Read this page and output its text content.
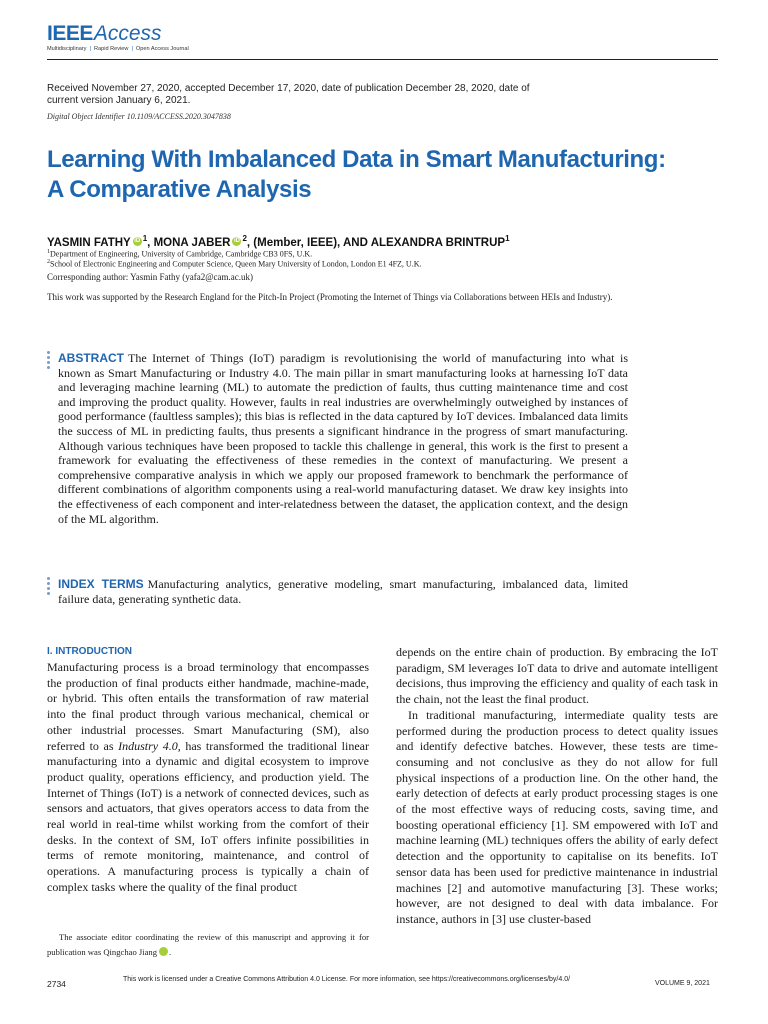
IEEEAccess
Multidisciplinary | Rapid Review | Open Access Journal
Received November 27, 2020, accepted December 17, 2020, date of publication December 28, 2020, date of current version January 6, 2021.
Digital Object Identifier 10.1109/ACCESS.2020.3047838
Learning With Imbalanced Data in Smart Manufacturing: A Comparative Analysis
YASMIN FATHY iD $^1$, MONA JABER iD $^2$, (Member, IEEE), AND ALEXANDRA BRINTRUP$^1$
$^1$Department of Engineering, University of Cambridge, Cambridge CB3 0FS, U.K.
$^2$School of Electronic Engineering and Computer Science, Queen Mary University of London, London E1 4FZ, U.K.
Corresponding author: Yasmin Fathy (yafa2@cam.ac.uk)
This work was supported by the Research England for the Pitch-In Project (Promoting the Internet of Things via Collaborations between HEIs and Industry).
ABSTRACT The Internet of Things (IoT) paradigm is revolutionising the world of manufacturing into what is known as Smart Manufacturing or Industry 4.0. The main pillar in smart manufacturing looks at harnessing IoT data and leveraging machine learning (ML) to automate the prediction of faults, thus cutting maintenance time and cost and improving the product quality. However, faults in real industries are overwhelmingly outweighed by instances of good performance (faultless samples); this bias is reflected in the data captured by IoT devices. Imbalanced data limits the success of ML in predicting faults, thus presents a significant hindrance in the progress of smart manufacturing. Although various techniques have been proposed to tackle this challenge in general, this work is the first to present a framework for evaluating the effectiveness of these remedies in the context of manufacturing. We present a comprehensive comparative analysis in which we apply our proposed framework to benchmark the performance of different combinations of algorithm components using a real-world manufacturing dataset. We draw key insights into the effectiveness of each component and inter-relatedness between the dataset, the application context, and the design of the ML algorithm.
INDEX TERMS Manufacturing analytics, generative modeling, smart manufacturing, imbalanced data, limited failure data, generating synthetic data.
I. INTRODUCTION

Manufacturing process is a broad terminology that encompasses the production of final products either handmade, machine-made, or hybrid. This often entails the transformation of raw material into the final product through various mechanical, chemical or other industrial processes. Smart Manufacturing (SM), also referred to as Industry 4.0, has transformed the traditional linear manufacturing into a dynamic and digital ecosystem to improve product quality, operations efficiency, and production yield. The Internet of Things (IoT) is a network of connected devices, such as sensors and actuators, that gives operators access to data from the real world in real-time whilst working from the comfort of their desks. In the context of SM, IoT offers infinite possibilities in terms of remote monitoring, maintenance, and control of operations. A manufacturing process is typically a chain of complex tasks where the quality of the final product

depends on the entire chain of production. By embracing the IoT paradigm, SM leverages IoT data to drive and automate intelligent decisions, thus improving the efficiency and quality of each task in the chain, not the least the final product.

In traditional manufacturing, intermediate quality tests are performed during the production process to detect quality issues and identify defective batches. However, these tests are time-consuming and not conclusive as they do not allow for full physical inspections of a production line. On the other hand, the early detection of defects at early product processing stages is one of the most effective ways of reducing costs, saving time, and boosting operational efficiency [1]. SM empowered with IoT and machine learning (ML) techniques offers the ability of early defect detection and the opportunity to capitalise on its benefits. IoT sensor data has been used for predictive maintenance in industrial machines [2] and automotive manufacturing [3]. These works; however, are not designed to deal with data imbalance. For instance, authors in [3] use cluster-based

The associate editor coordinating the review of this manuscript and approving it for publication was Qingchao Jiang iD.
2734	This work is licensed under a Creative Commons Attribution 4.0 License. For more information, see https://creativecommons.org/licenses/by/4.0/
VOLUME 9, 2021
